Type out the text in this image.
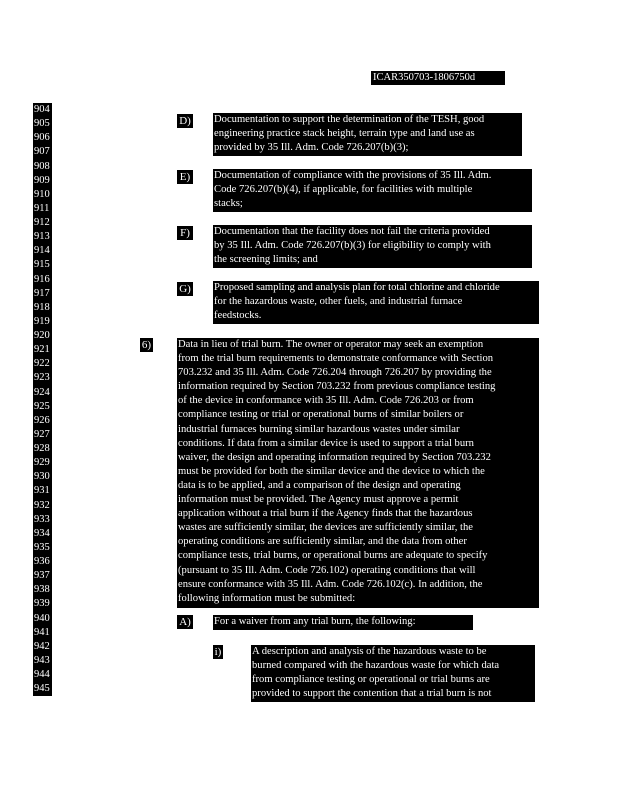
ICAR350703-1806750d
904
905
906
907
908
909
910
911
912
913
914
915
916
917
918
919
920
921
922
923
924
925
926
927
928
929
930
931
932
933
934
935
936
937
938
939
940
941
942
943
944
945
946
D) Documentation to support the determination of the TESH, good
engineering practice stack height, terrain type and land use as
provided by 35 Ill. Adm. Code 726.207(b)(3);
E) Documentation of compliance with the provisions of 35 Ill. Adm.
Code 726.207(b)(4), if applicable, for facilities with multiple
stacks;
F) Documentation that the facility does not fail the criteria provided
by 35 Ill. Adm. Code 726.207(b)(3) for eligibility to comply with
the screening limits; and
G) Proposed sampling and analysis plan for total chlorine and chloride
for the hazardous waste, other fuels, and industrial furnace
feedstocks.
6)	Data in lieu of trial burn. The owner or operator may seek an exemption
from the trial burn requirements to demonstrate conformance with Section
703.232 and 35 Ill. Adm. Code 726.204 through 726.207 by providing the
information required by Section 703.232 from previous compliance testing
of the device in conformance with 35 Ill. Adm. Code 726.203 or from
compliance testing or trial or operational burns of similar boilers or
industrial furnaces burning similar hazardous wastes under similar
conditions. If data from a similar device is used to support a trial burn
waiver, the design and operating information required by Section 703.232
must be provided for both the similar device and the device to which the
data is to be applied, and a comparison of the design and operating
information must be provided. The Agency must approve a permit
application without a trial burn if the Agency finds that the hazardous
wastes are sufficiently similar, the devices are sufficiently similar, the
operating conditions are sufficiently similar, and the data from other
compliance tests, trial burns, or operational burns are adequate to specify
(pursuant to 35 Ill. Adm. Code 726.102) operating conditions that will
ensure conformance with 35 Ill. Adm. Code 726.102(c). In addition, the
following information must be submitted:
A) For a waiver from any trial burn, the following:
i)	A description and analysis of the hazardous waste to be
burned compared with the hazardous waste for which data
from compliance testing or operational or trial burns are
provided to support the contention that a trial burn is not
